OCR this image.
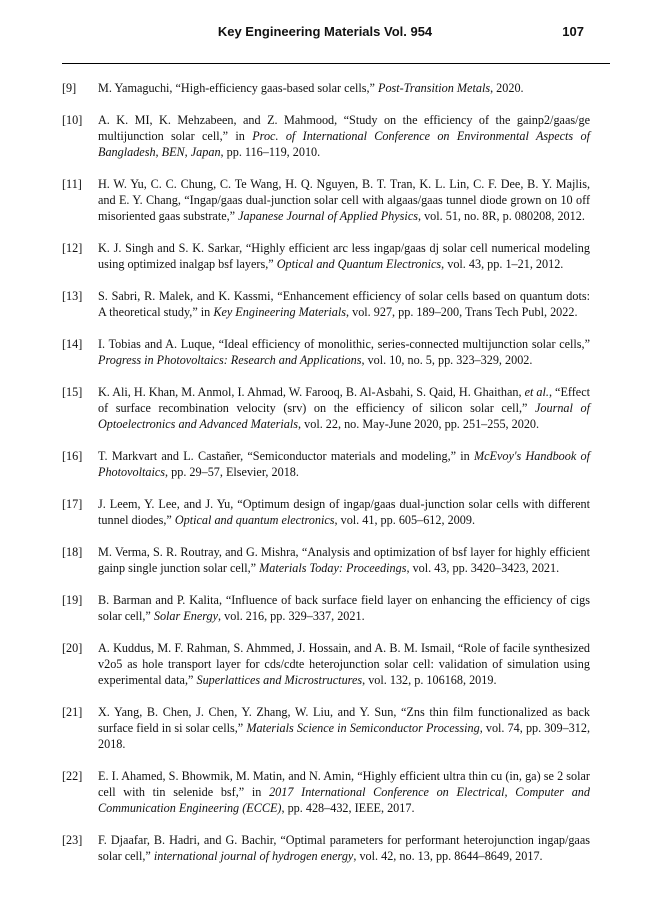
Key Engineering Materials Vol. 954	107
[9] M. Yamaguchi, “High-efficiency gaas-based solar cells,” Post-Transition Metals, 2020.
[10] A. K. MI, K. Mehzabeen, and Z. Mahmood, “Study on the efficiency of the gainp2/gaas/ge multijunction solar cell,” in Proc. of International Conference on Environmental Aspects of Bangladesh, BEN, Japan, pp. 116–119, 2010.
[11] H. W. Yu, C. C. Chung, C. Te Wang, H. Q. Nguyen, B. T. Tran, K. L. Lin, C. F. Dee, B. Y. Majlis, and E. Y. Chang, “Ingap/gaas dual-junction solar cell with algaas/gaas tunnel diode grown on 10 off misoriented gaas substrate,” Japanese Journal of Applied Physics, vol. 51, no. 8R, p. 080208, 2012.
[12] K. J. Singh and S. K. Sarkar, “Highly efficient arc less ingap/gaas dj solar cell numerical modeling using optimized inalgap bsf layers,” Optical and Quantum Electronics, vol. 43, pp. 1–21, 2012.
[13] S. Sabri, R. Malek, and K. Kassmi, “Enhancement efficiency of solar cells based on quantum dots: A theoretical study,” in Key Engineering Materials, vol. 927, pp. 189–200, Trans Tech Publ, 2022.
[14] I. Tobias and A. Luque, “Ideal efficiency of monolithic, series-connected multijunction solar cells,” Progress in Photovoltaics: Research and Applications, vol. 10, no. 5, pp. 323–329, 2002.
[15] K. Ali, H. Khan, M. Anmol, I. Ahmad, W. Farooq, B. Al-Asbahi, S. Qaid, H. Ghaithan, et al., “Effect of surface recombination velocity (srv) on the efficiency of silicon solar cell,” Journal of Optoelectronics and Advanced Materials, vol. 22, no. May-June 2020, pp. 251–255, 2020.
[16] T. Markvart and L. Castañer, “Semiconductor materials and modeling,” in McEvoy's Handbook of Photovoltaics, pp. 29–57, Elsevier, 2018.
[17] J. Leem, Y. Lee, and J. Yu, “Optimum design of ingap/gaas dual-junction solar cells with different tunnel diodes,” Optical and quantum electronics, vol. 41, pp. 605–612, 2009.
[18] M. Verma, S. R. Routray, and G. Mishra, “Analysis and optimization of bsf layer for highly efficient gainp single junction solar cell,” Materials Today: Proceedings, vol. 43, pp. 3420–3423, 2021.
[19] B. Barman and P. Kalita, “Influence of back surface field layer on enhancing the efficiency of cigs solar cell,” Solar Energy, vol. 216, pp. 329–337, 2021.
[20] A. Kuddus, M. F. Rahman, S. Ahmmed, J. Hossain, and A. B. M. Ismail, “Role of facile synthesized v2o5 as hole transport layer for cds/cdte heterojunction solar cell: validation of simulation using experimental data,” Superlattices and Microstructures, vol. 132, p. 106168, 2019.
[21] X. Yang, B. Chen, J. Chen, Y. Zhang, W. Liu, and Y. Sun, “Zns thin film functionalized as back surface field in si solar cells,” Materials Science in Semiconductor Processing, vol. 74, pp. 309–312, 2018.
[22] E. I. Ahamed, S. Bhowmik, M. Matin, and N. Amin, “Highly efficient ultra thin cu (in, ga) se 2 solar cell with tin selenide bsf,” in 2017 International Conference on Electrical, Computer and Communication Engineering (ECCE), pp. 428–432, IEEE, 2017.
[23] F. Djaafar, B. Hadri, and G. Bachir, “Optimal parameters for performant heterojunction ingap/gaas solar cell,” international journal of hydrogen energy, vol. 42, no. 13, pp. 8644–8649, 2017.
